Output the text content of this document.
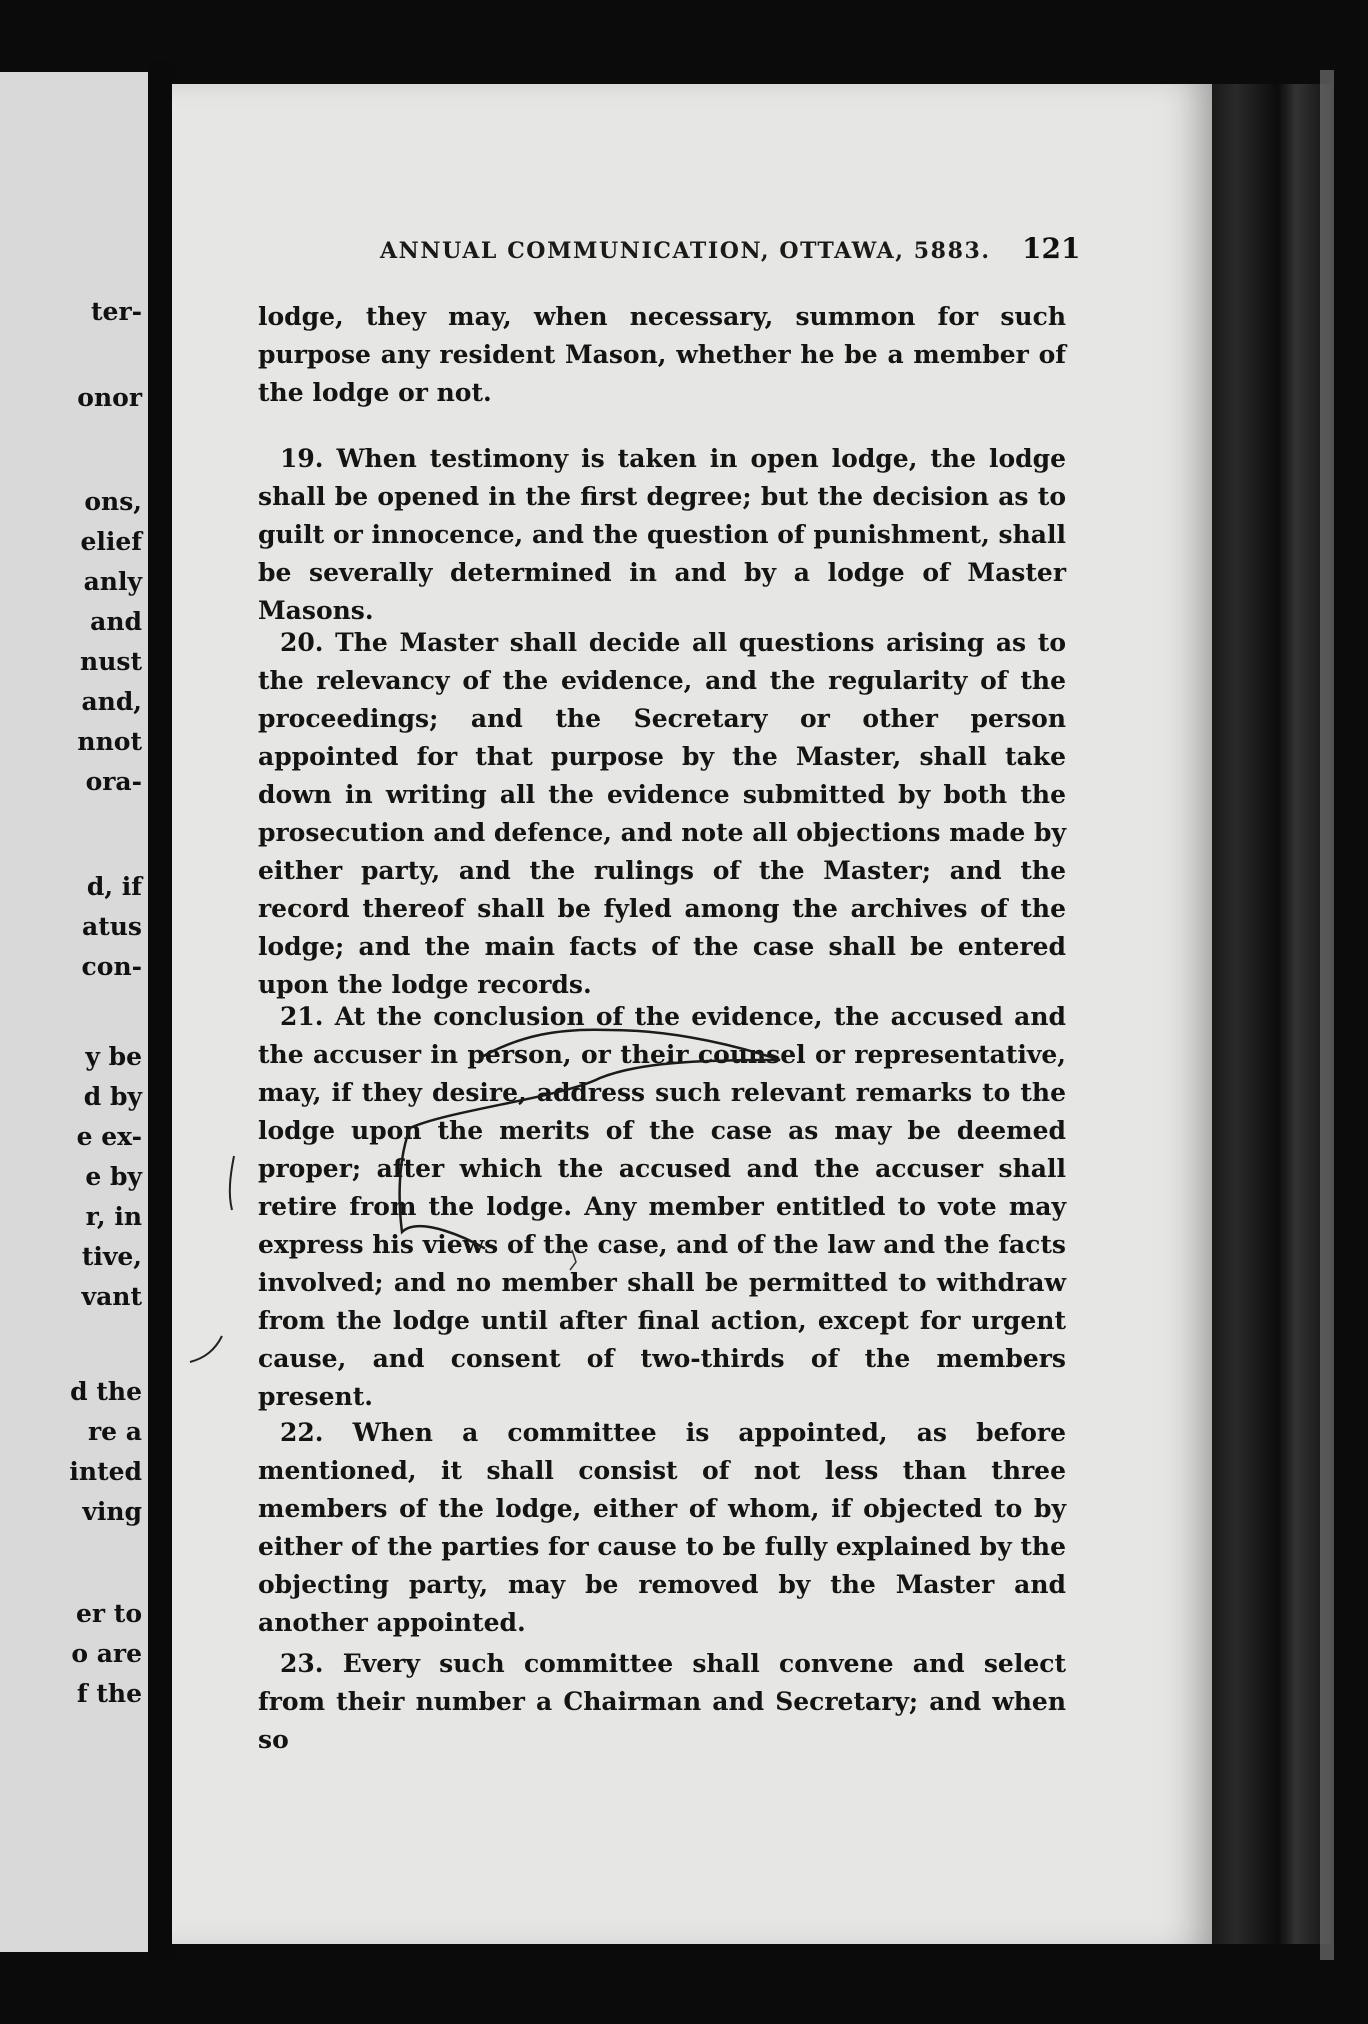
ter-

onor

ons,

elief

anly

and

nust

and,

nnot

ora-

d, if

atus

con-

y be

d by

e ex-

e by

r, in

tive,

vant

d the

re a

inted

ving

er to

o are

f the

ANNUAL COMMUNICATION, OTTAWA, 5883.	121

lodge, they may, when necessary, summon for such purpose any resident Mason, whether he be a member of the lodge or not.

19. When testimony is taken in open lodge, the lodge shall be opened in the first degree; but the decision as to guilt or innocence, and the question of punishment, shall be severally determined in and by a lodge of Master Masons.

20. The Master shall decide all questions arising as to the relevancy of the evidence, and the regularity of the proceedings; and the Secretary or other person appointed for that purpose by the Master, shall take down in writing all the evidence submitted by both the prosecution and defence, and note all objections made by either party, and the rulings of the Master; and the record thereof shall be fyled among the archives of the lodge; and the main facts of the case shall be entered upon the lodge records.

21. At the conclusion of the evidence, the accused and the accuser in person, or their counsel or representative, may, if they desire, address such relevant remarks to the lodge upon the merits of the case as may be deemed proper; after which the accused and the accuser shall retire from the lodge. Any member entitled to vote may express his views of the case, and of the law and the facts involved; and no member shall be permitted to withdraw from the lodge until after final action, except for urgent cause, and consent of two-thirds of the members present.

22. When a committee is appointed, as before mentioned, it shall consist of not less than three members of the lodge, either of whom, if objected to by either of the parties for cause to be fully explained by the objecting party, may be removed by the Master and another appointed.

23. Every such committee shall convene and select from their number a Chairman and Secretary; and when so
